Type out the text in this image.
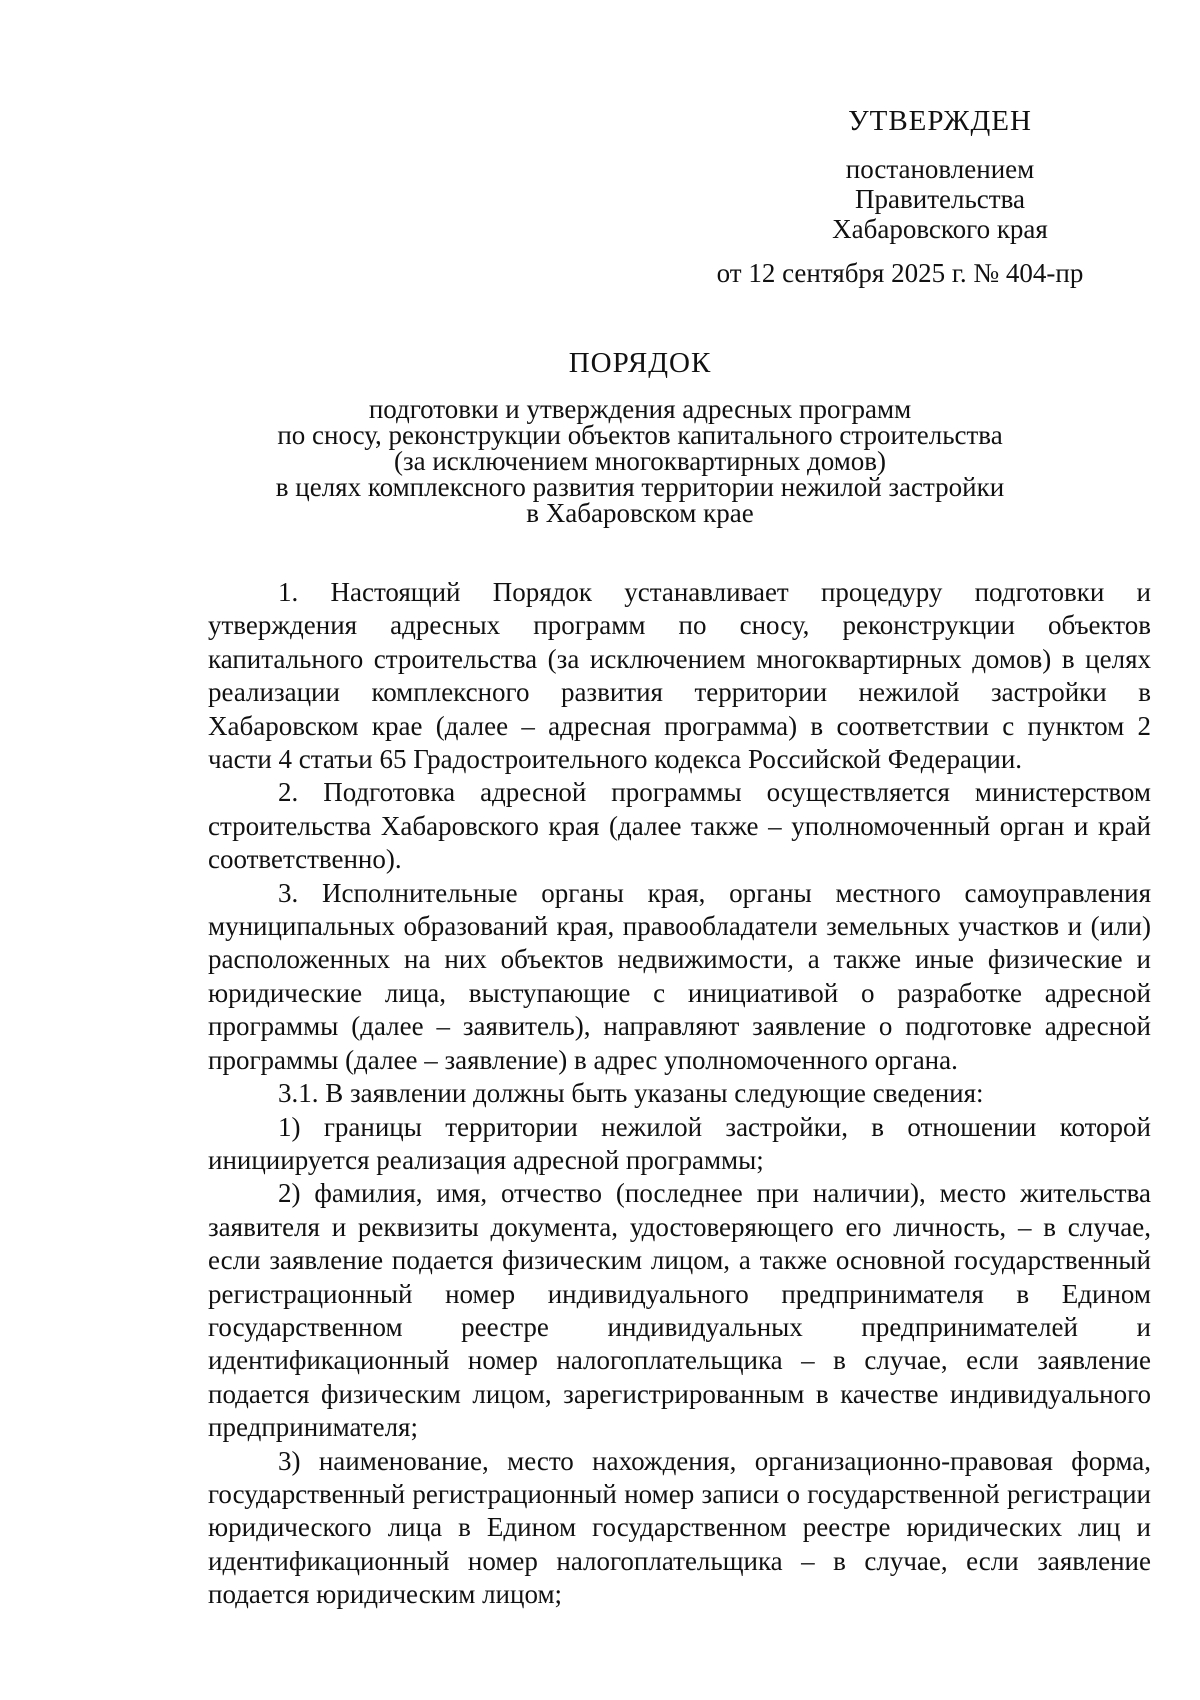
УТВЕРЖДЕН
постановлением
Правительства
Хабаровского края
от 12 сентября 2025 г. № 404-пр
ПОРЯДОК
подготовки и утверждения адресных программ
по сносу, реконструкции объектов капитального строительства
(за исключением многоквартирных домов)
в целях комплексного развития территории нежилой застройки
в Хабаровском крае

1. Настоящий Порядок устанавливает процедуру подготовки и утверждения адресных программ по сносу, реконструкции объектов капитального строительства (за исключением многоквартирных домов) в целях реализации комплексного развития территории нежилой застройки в Хабаровском крае (далее – адресная программа) в соответствии с пунктом 2 части 4 статьи 65 Градостроительного кодекса Российской Федерации.

2. Подготовка адресной программы осуществляется министерством строительства Хабаровского края (далее также – уполномоченный орган и край соответственно).

3. Исполнительные органы края, органы местного самоуправления муниципальных образований края, правообладатели земельных участков и (или) расположенных на них объектов недвижимости, а также иные физические и юридические лица, выступающие с инициативой о разработке адресной программы (далее – заявитель), направляют заявление о подготовке адресной программы (далее – заявление) в адрес уполномоченного органа.

3.1. В заявлении должны быть указаны следующие сведения:

1) границы территории нежилой застройки, в отношении которой инициируется реализация адресной программы;

2) фамилия, имя, отчество (последнее при наличии), место жительства заявителя и реквизиты документа, удостоверяющего его личность, – в случае, если заявление подается физическим лицом, а также основной государственный регистрационный номер индивидуального предпринимателя в Едином государственном реестре индивидуальных предпринимателей и идентификационный номер налогоплательщика – в случае, если заявление подается физическим лицом, зарегистрированным в качестве индивидуального предпринимателя;

3) наименование, место нахождения, организационно-правовая форма, государственный регистрационный номер записи о государственной регистрации юридического лица в Едином государственном реестре юридических лиц и идентификационный номер налогоплательщика – в случае, если заявление подается юридическим лицом;
